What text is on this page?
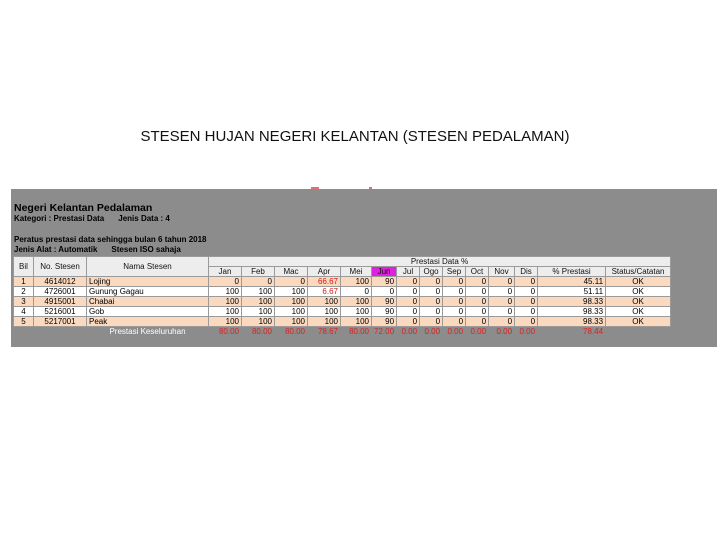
STESEN HUJAN NEGERI KELANTAN (STESEN PEDALAMAN)
Negeri Kelantan Pedalaman
Kategori : Prestasi Data Jenis Data : 4
Peratus prestasi data sehingga bulan 6 tahun 2018
Jenis Alat : Automatik Stesen ISO sahaja
Bil	No. Stesen	Nama Stesen	Prestasi Data %													
			Jan	Feb	Mac	Apr	Mei	Jun	Jul	Ogo	Sep	Oct	Nov	Dis	% Prestasi	Status/Catatan
1	4614012	Lojing	0	0	0	66.67	100	90	0	0	0	0	0	0	45.11	OK
2	4726001	Gunung Gagau	100	100	100	6.67	0	0	0	0	0	0	0	0	51.11	OK
3	4915001	Chabai	100	100	100	100	100	90	0	0	0	0	0	0	98.33	OK
4	5216001	Gob	100	100	100	100	100	90	0	0	0	0	0	0	98.33	OK
5	5217001	Peak	100	100	100	100	100	90	0	0	0	0	0	0	98.33	OK
		Prestasi Keseluruhan	80.00	80.00	80.00	78.67	80.00	72.00	0.00	0.00	0.00	0.00	0.00	0.00	78.44	
